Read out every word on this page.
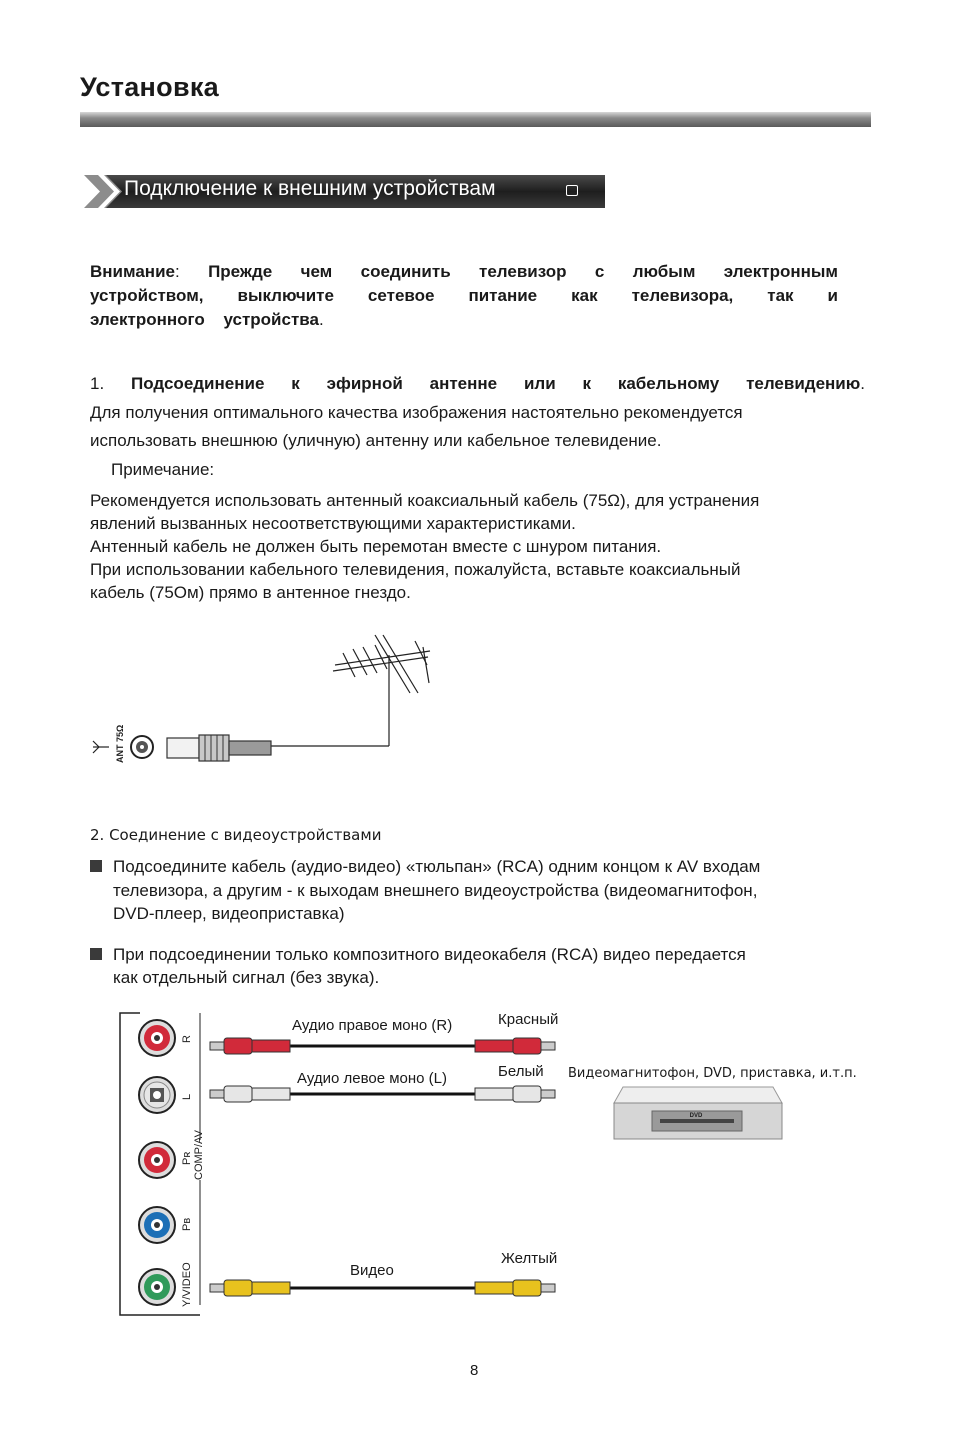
Установка
Подключение к внешним устройствам
Внимание: Прежде чем соединить телевизор с любым электронным
устройством, выключите сетевое питание как телевизора, так и
электронного устройства.
1. Подсоединение к эфирной антенне или к кабельному телевидению.
Для получения оптимального качества изображения настоятельно рекомендуется
использовать внешнюю (уличную) антенну или кабельное телевидение.
Примечание:
Рекомендуется использовать антенный коаксиальный кабель (75Ω), для устранения
явлений вызванных несоответствующими характеристиками.
Антенный кабель не должен быть перемотан вместе с шнуром питания.
При использовании кабельного телевидения, пожалуйста, вставьте коаксиальный
кабель (75Ом) прямо в антенное гнездо.
ANT 75Ω
2. Соединение с видеоустройствами
Подсоедините кабель (аудио-видео) «тюльпан» (RCA) одним концом к AV входам
телевизора, а другим - к выходам внешнего видеоустройства (видеомагнитофон,
DVD-плеер, видеоприставка)
При подсоединении только композитного видеокабеля (RCA) видео передается
как отдельный сигнал (без звука).
R
L
Pʀ COMP/AV
Pʙ
Y/VIDEO
DVD
Аудио правое моно (R)	Красный
Аудио левое моно (L)	Белый Видеомагнитофон, DVD, приставка, и.т.п.
Видео
Желтый
8
